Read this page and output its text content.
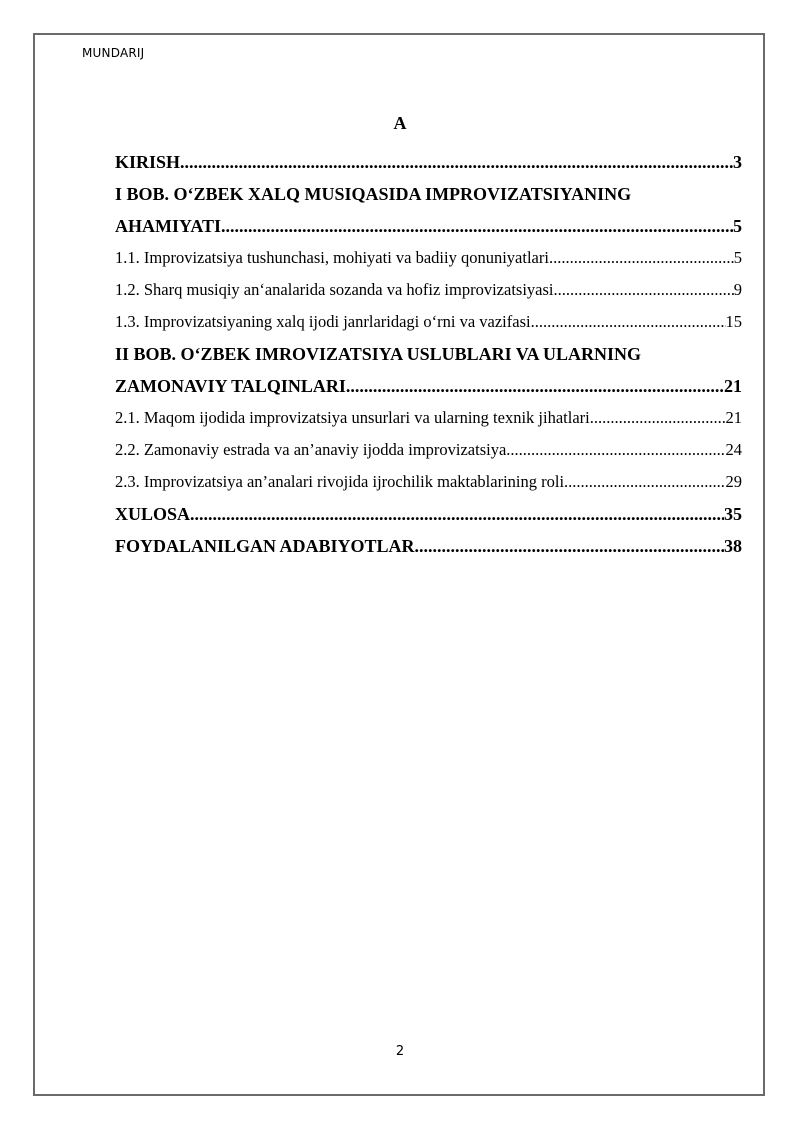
MUNDARIJ
A
KIRISH .....	3
I BOB. O‘ZBEK XALQ MUSIQASIDA IMPROVIZATSIYANING
AHAMIYATI .....	5
1.1. Improvizatsiya tushunchasi, mohiyati va badiiy qonuniyatlari .....	5
1.2. Sharq musiqiy an‘analarida sozanda va hofiz improvizatsiyasi .....	9
1.3. Improvizatsiyaning xalq ijodi janrlaridagi o‘rni va vazifasi .....	15
II BOB. O‘ZBEK IMROVIZATSIYA USLUBLARI VA ULARNING
ZAMONAVIY TALQINLARI .....	21
2.1. Maqom ijodida improvizatsiya unsurlari va ularning texnik jihatlari .....	21
2.2. Zamonaviy estrada va an’anaviy ijodda improvizatsiya .....	24
2.3. Improvizatsiya an’analari rivojida ijrochilik maktablarining roli .....	29
XULOSA .....	35
FOYDALANILGAN ADABIYOTLAR .....	38
2
